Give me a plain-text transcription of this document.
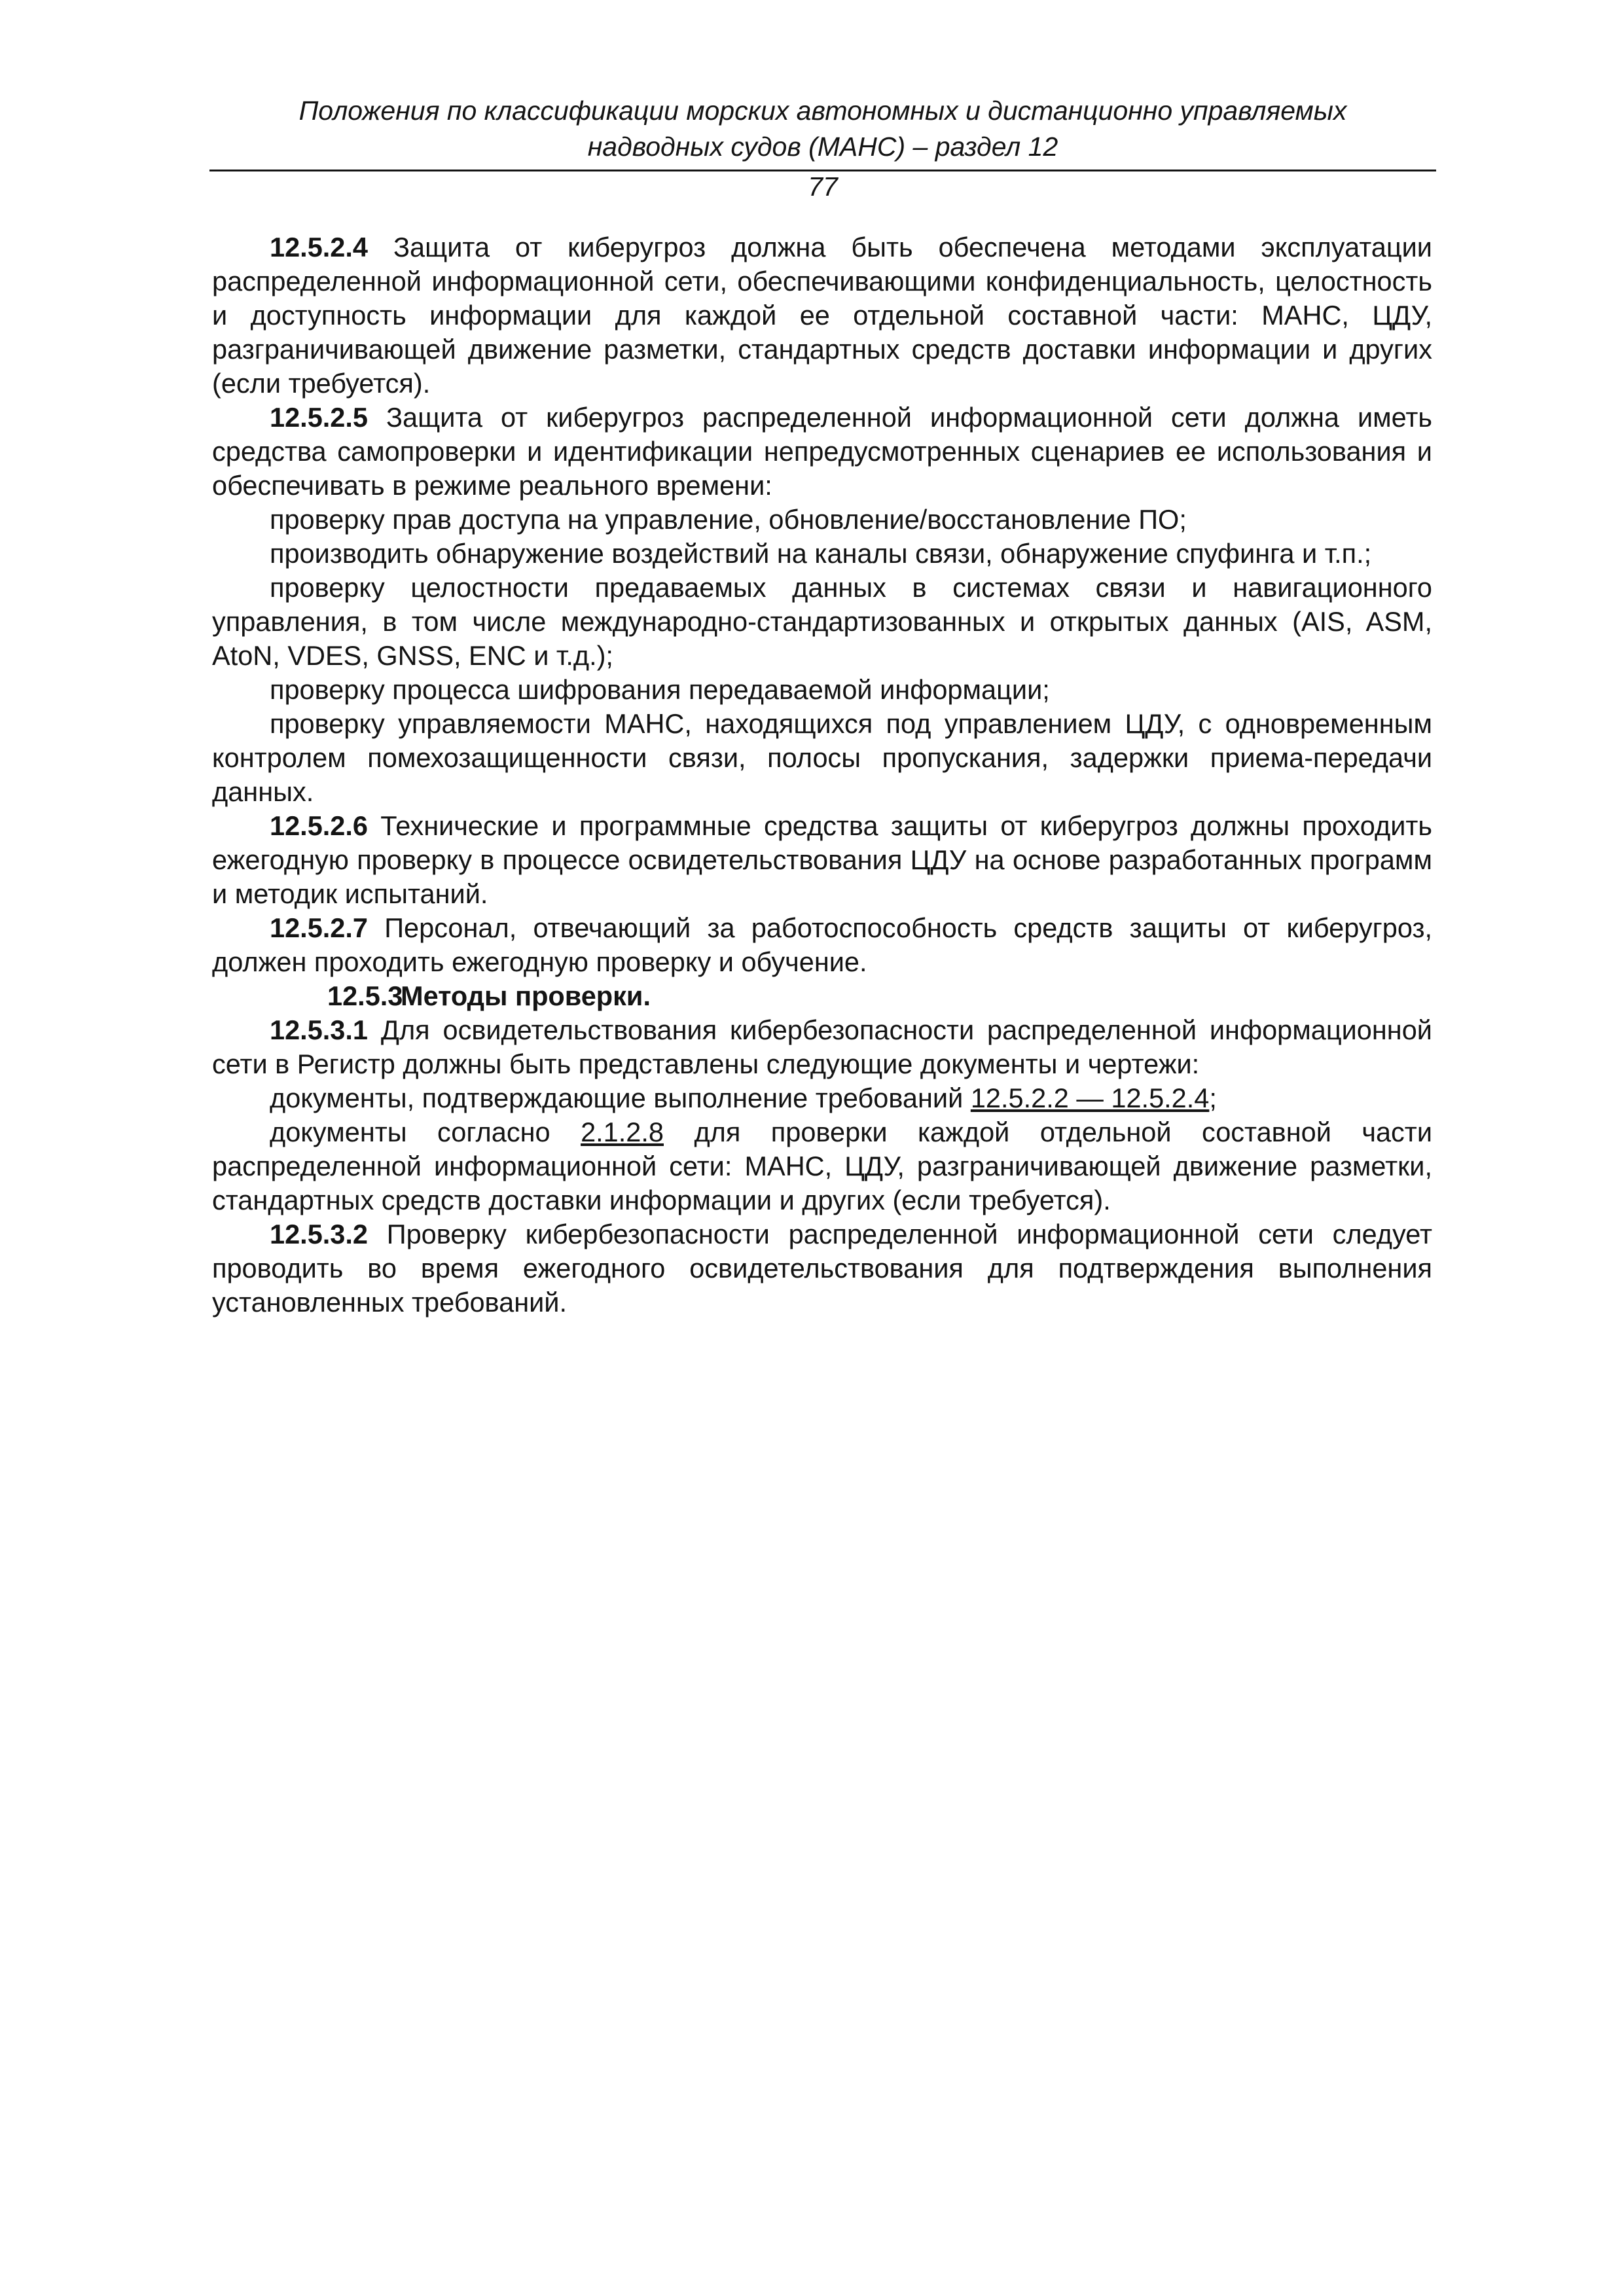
Положения по классификации морских автономных и дистанционно управляемых
надводных судов (МАНС) – раздел 12
77

12.5.2.4 Защита от киберугроз должна быть обеспечена методами эксплуатации распределенной информационной сети, обеспечивающими конфиденциальность, целостность и доступность информации для каждой ее отдельной составной части: МАНС, ЦДУ, разграничивающей движение разметки, стандартных средств доставки информации и других (если требуется).

12.5.2.5 Защита от киберугроз распределенной информационной сети должна иметь средства самопроверки и идентификации непредусмотренных сценариев ее использования и обеспечивать в режиме реального времени:

проверку прав доступа на управление, обновление/восстановление ПО;

производить обнаружение воздействий на каналы связи, обнаружение спуфинга и т.п.;

проверку целостности предаваемых данных в системах связи и навигационного управления, в том числе международно-стандартизованных и открытых данных (AIS, ASM, AtoN, VDES, GNSS, ENC и т.д.);

проверку процесса шифрования передаваемой информации;

проверку управляемости МАНС, находящихся под управлением ЦДУ, с одновременным контролем помехозащищенности связи, полосы пропускания, задержки приема-передачи данных.

12.5.2.6 Технические и программные средства защиты от киберугроз должны проходить ежегодную проверку в процессе освидетельствования ЦДУ на основе разработанных программ и методик испытаний.

12.5.2.7 Персонал, отвечающий за работоспособность средств защиты от киберугроз, должен проходить ежегодную проверку и обучение.

12.5.3Методы проверки.

12.5.3.1 Для освидетельствования кибербезопасности распределенной информационной сети в Регистр должны быть представлены следующие документы и чертежи:

документы, подтверждающие выполнение требований 12.5.2.2 — 12.5.2.4;

документы согласно 2.1.2.8 для проверки каждой отдельной составной части распределенной информационной сети: МАНС, ЦДУ, разграничивающей движение разметки, стандартных средств доставки информации и других (если требуется).

12.5.3.2 Проверку кибербезопасности распределенной информационной сети следует проводить во время ежегодного освидетельствования для подтверждения выполнения установленных требований.
